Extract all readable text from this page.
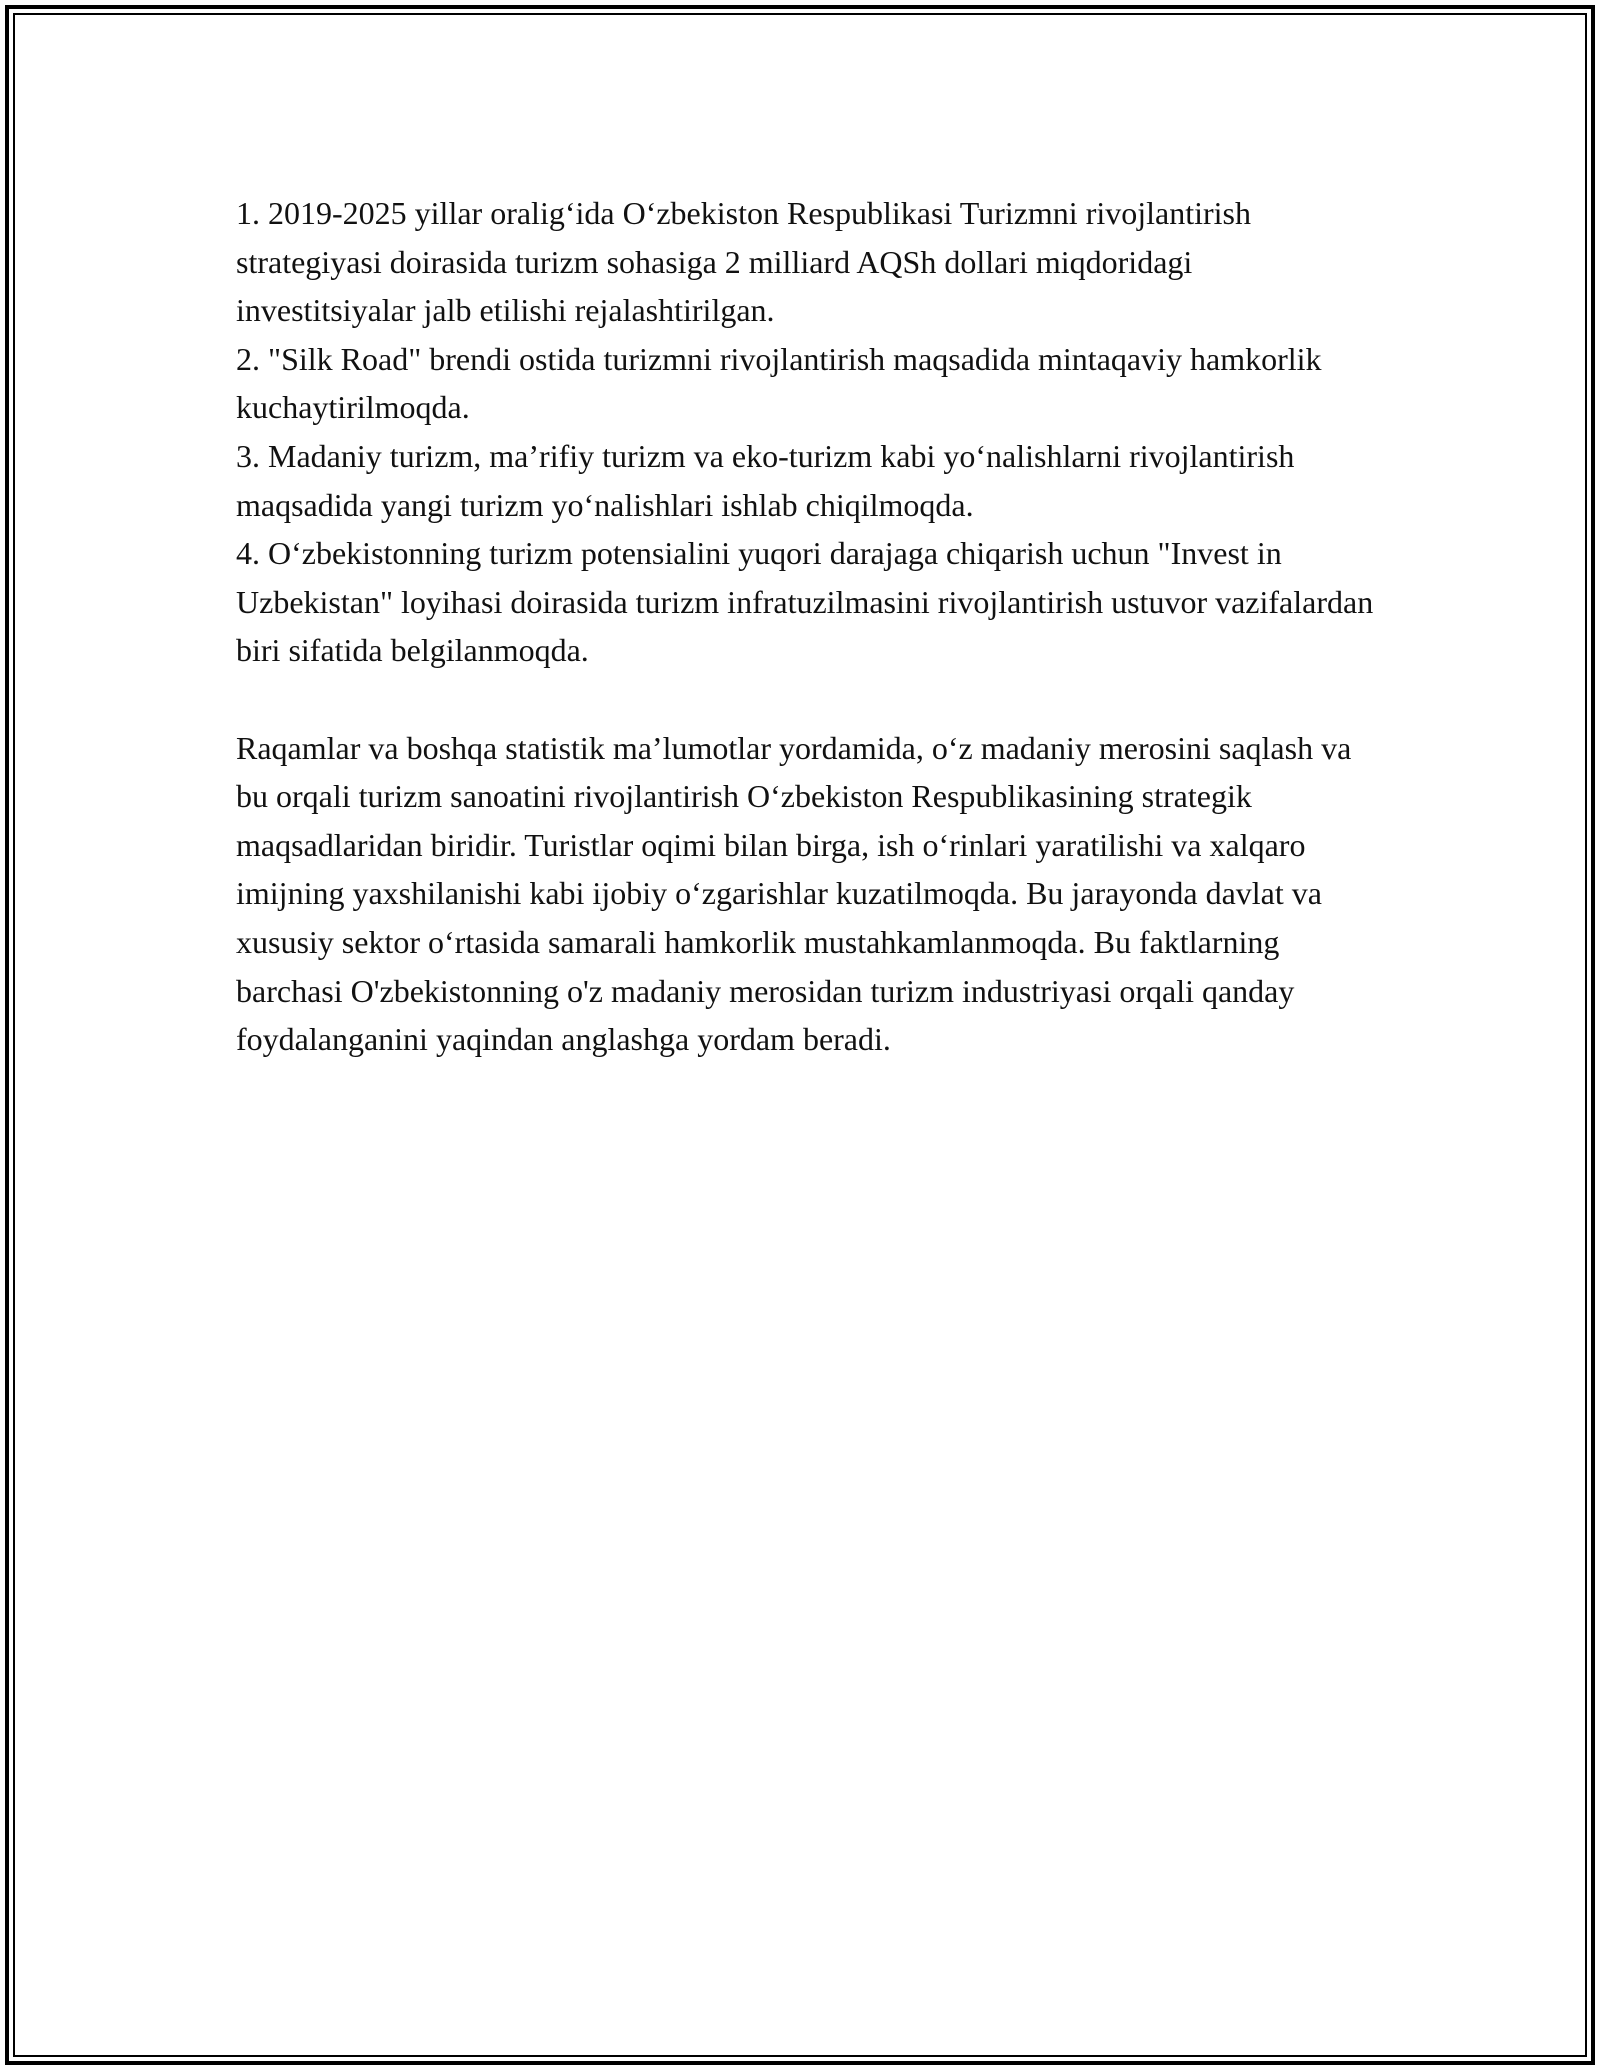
1. 2019-2025 yillar oralig‘ida O‘zbekiston Respublikasi Turizmni rivojlantirish strategiyasi doirasida turizm sohasiga 2 milliard AQSh dollari miqdoridagi investitsiyalar jalb etilishi rejalashtirilgan.

2. "Silk Road" brendi ostida turizmni rivojlantirish maqsadida mintaqaviy hamkorlik kuchaytirilmoqda.

3. Madaniy turizm, ma’rifiy turizm va eko-turizm kabi yo‘nalishlarni rivojlantirish maqsadida yangi turizm yo‘nalishlari ishlab chiqilmoqda.

4. O‘zbekistonning turizm potensialini yuqori darajaga chiqarish uchun "Invest in Uzbekistan" loyihasi doirasida turizm infratuzilmasini rivojlantirish ustuvor vazifalardan biri sifatida belgilanmoqda.

Raqamlar va boshqa statistik ma’lumotlar yordamida, o‘z madaniy merosini saqlash va bu orqali turizm sanoatini rivojlantirish O‘zbekiston Respublikasining strategik maqsadlaridan biridir. Turistlar oqimi bilan birga, ish o‘rinlari yaratilishi va xalqaro imijning yaxshilanishi kabi ijobiy o‘zgarishlar kuzatilmoqda. Bu jarayonda davlat va xususiy sektor o‘rtasida samarali hamkorlik mustahkamlanmoqda. Bu faktlarning barchasi O'zbekistonning o'z madaniy merosidan turizm industriyasi orqali qanday foydalanganini yaqindan anglashga yordam beradi.
